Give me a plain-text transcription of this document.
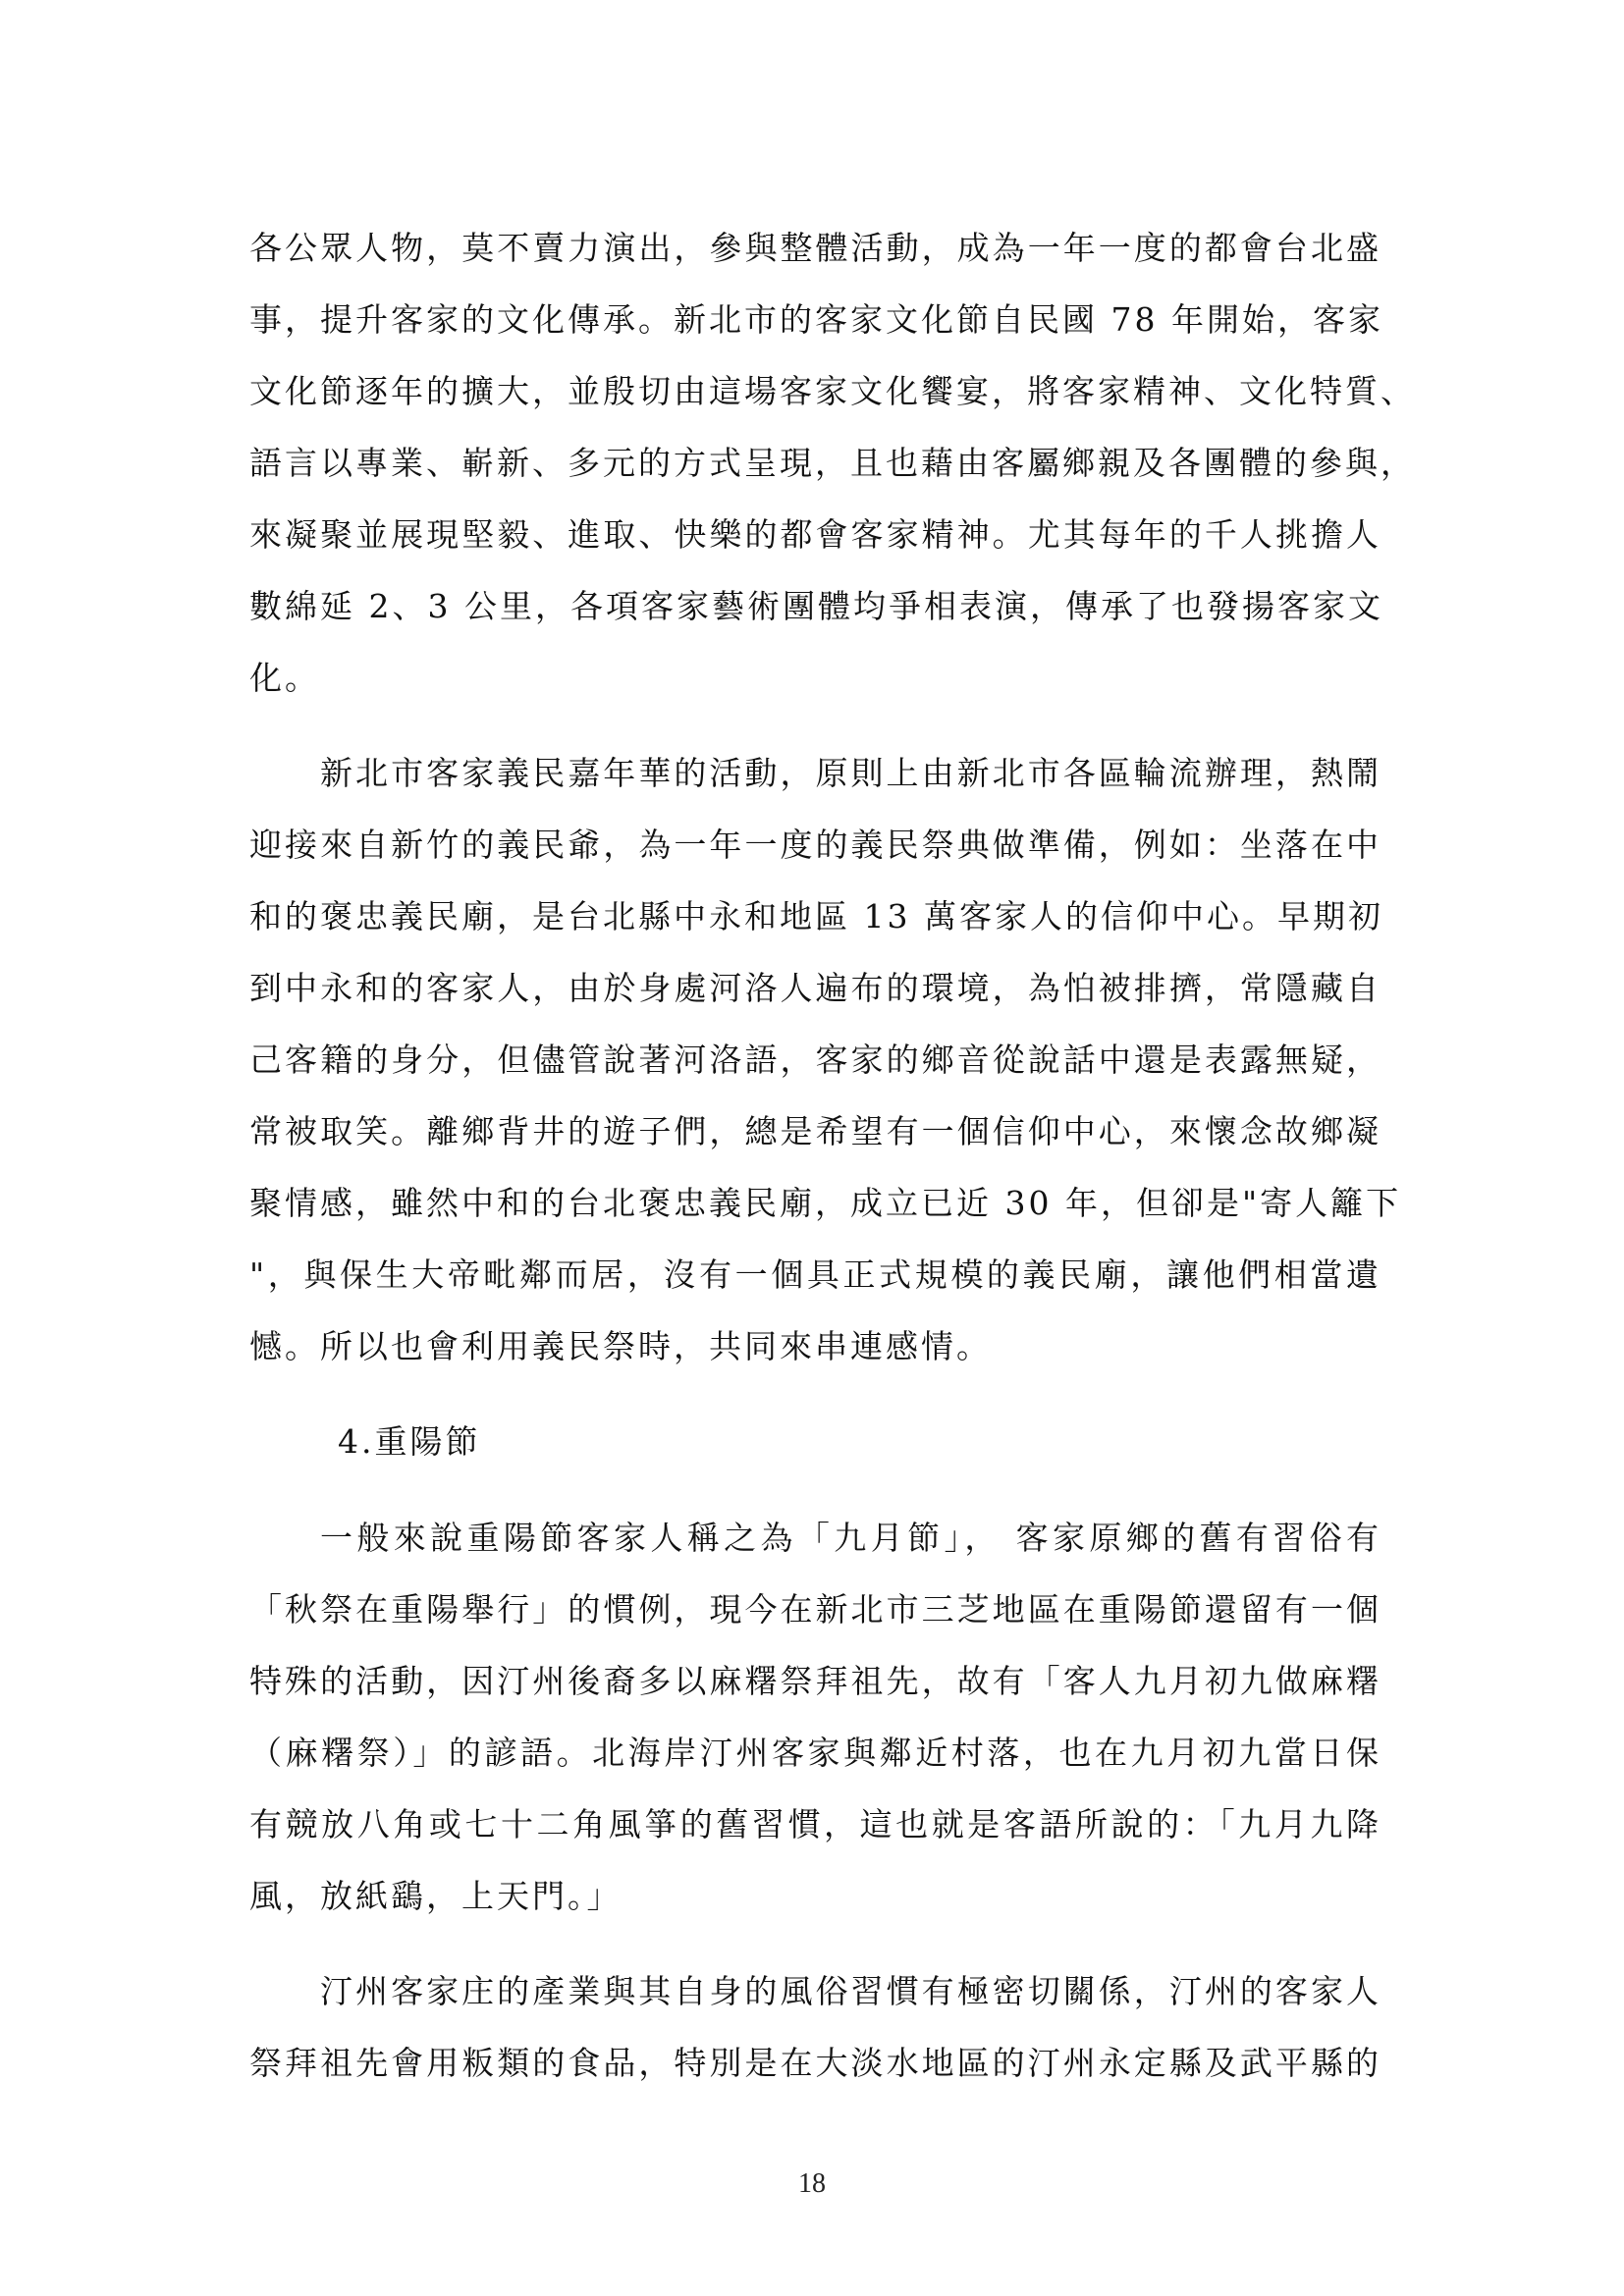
各公眾人物，莫不賣力演出，參與整體活動，成為一年一度的都會台北盛
事，提升客家的文化傳承。新北市的客家文化節自民國 78 年開始，客家
文化節逐年的擴大，並殷切由這場客家文化饗宴，將客家精神、文化特質、
語言以專業、嶄新、多元的方式呈現，且也藉由客屬鄉親及各團體的參與，
來凝聚並展現堅毅、進取、快樂的都會客家精神。尤其每年的千人挑擔人
數綿延 2、3 公里，各項客家藝術團體均爭相表演，傳承了也發揚客家文
化。
新北市客家義民嘉年華的活動，原則上由新北市各區輪流辦理，熱鬧
迎接來自新竹的義民爺，為一年一度的義民祭典做準備，例如：坐落在中
和的褒忠義民廟，是台北縣中永和地區 13 萬客家人的信仰中心。早期初
到中永和的客家人，由於身處河洛人遍布的環境，為怕被排擠，常隱藏自
己客籍的身分，但儘管說著河洛語，客家的鄉音從說話中還是表露無疑，
常被取笑。離鄉背井的遊子們，總是希望有一個信仰中心，來懷念故鄉凝
聚情感，雖然中和的台北褒忠義民廟，成立已近 30 年，但卻是"寄人籬下
"，與保生大帝毗鄰而居，沒有一個具正式規模的義民廟，讓他們相當遺
憾。所以也會利用義民祭時，共同來串連感情。
4.重陽節
一般來說重陽節客家人稱之為「九月節」， 客家原鄉的舊有習俗有
「秋祭在重陽舉行」的慣例，現今在新北市三芝地區在重陽節還留有一個
特殊的活動，因汀州後裔多以麻糬祭拜祖先，故有「客人九月初九做麻糬
（麻糬祭）」的諺語。北海岸汀州客家與鄰近村落，也在九月初九當日保
有競放八角或七十二角風箏的舊習慣，這也就是客語所說的：「九月九降
風，放紙鷂，上天門。」
汀州客家庄的產業與其自身的風俗習慣有極密切關係，汀州的客家人
祭拜祖先會用粄類的食品，特別是在大淡水地區的汀州永定縣及武平縣的
18
